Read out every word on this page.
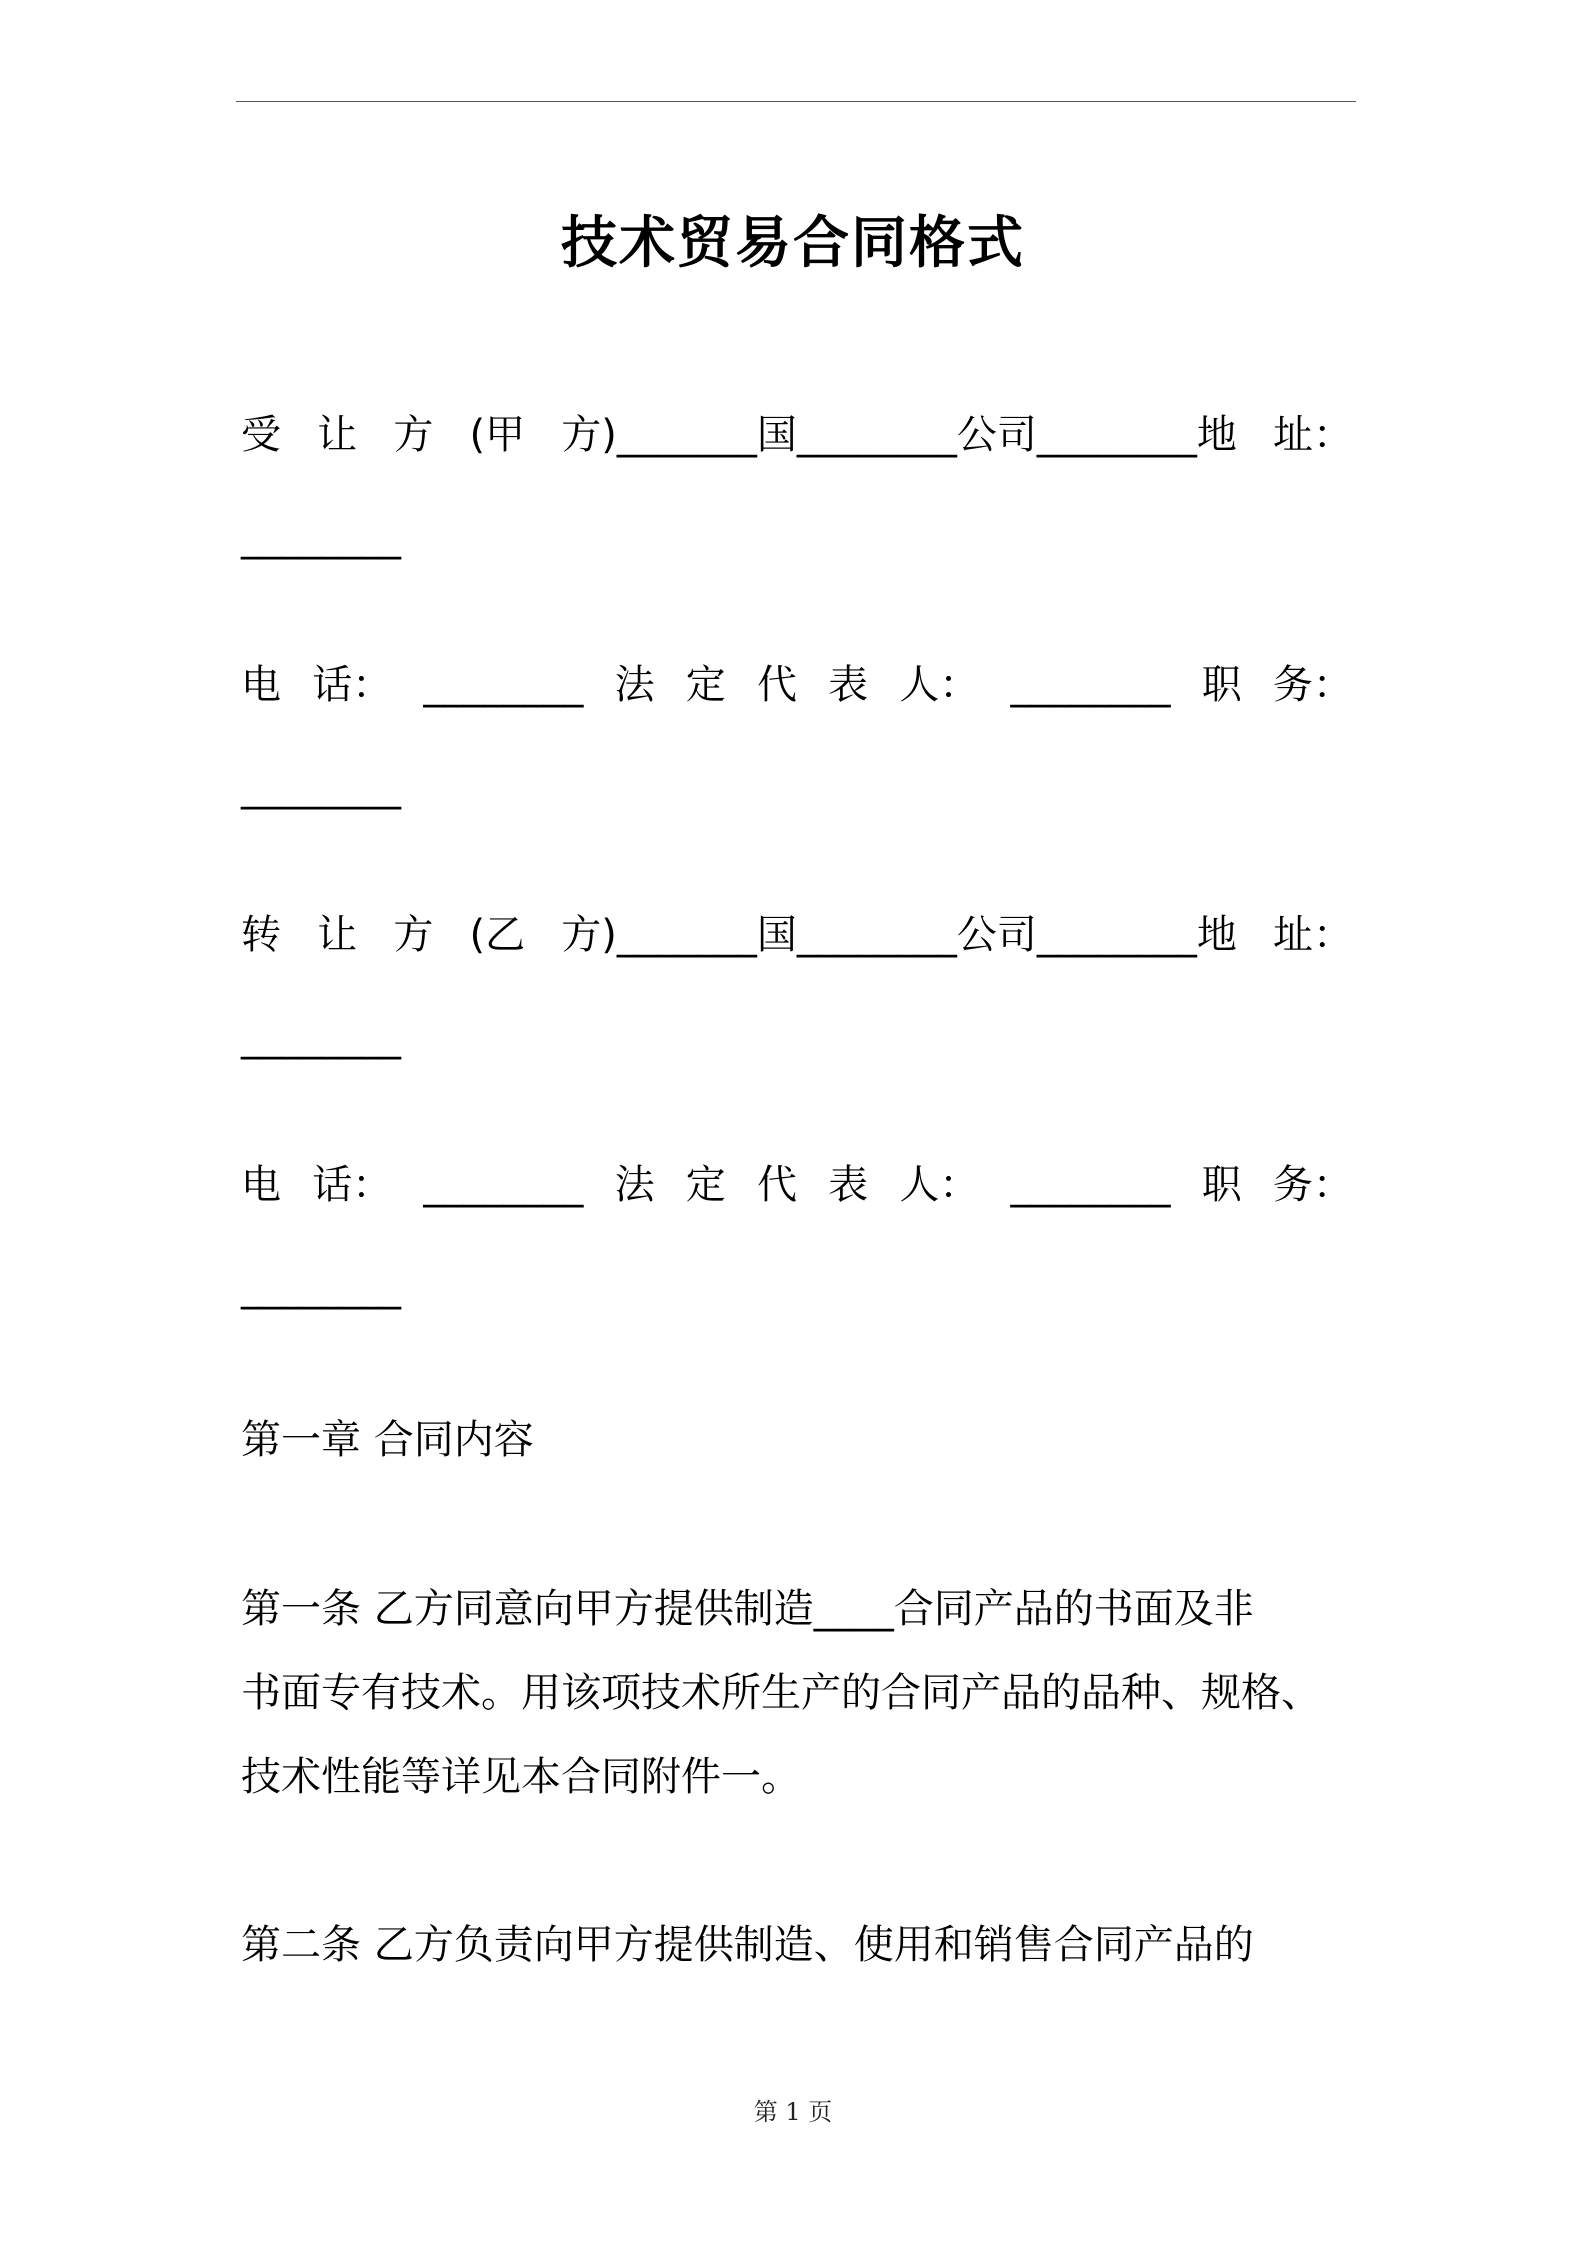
技术贸易合同格式
受 让 方 (甲 方)_______国________公司________地 址：
________
电 话： ________ 法 定 代 表 人： ________ 职 务：
________
转 让 方 (乙 方)_______国________公司________地 址：
________
电 话： ________ 法 定 代 表 人： ________ 职 务：
________
第一章 合同内容
第一条 乙方同意向甲方提供制造____合同产品的书面及非
书面专有技术。用该项技术所生产的合同产品的品种、规格、
技术性能等详见本合同附件一。
第二条 乙方负责向甲方提供制造、使用和销售合同产品的
第 1 页
